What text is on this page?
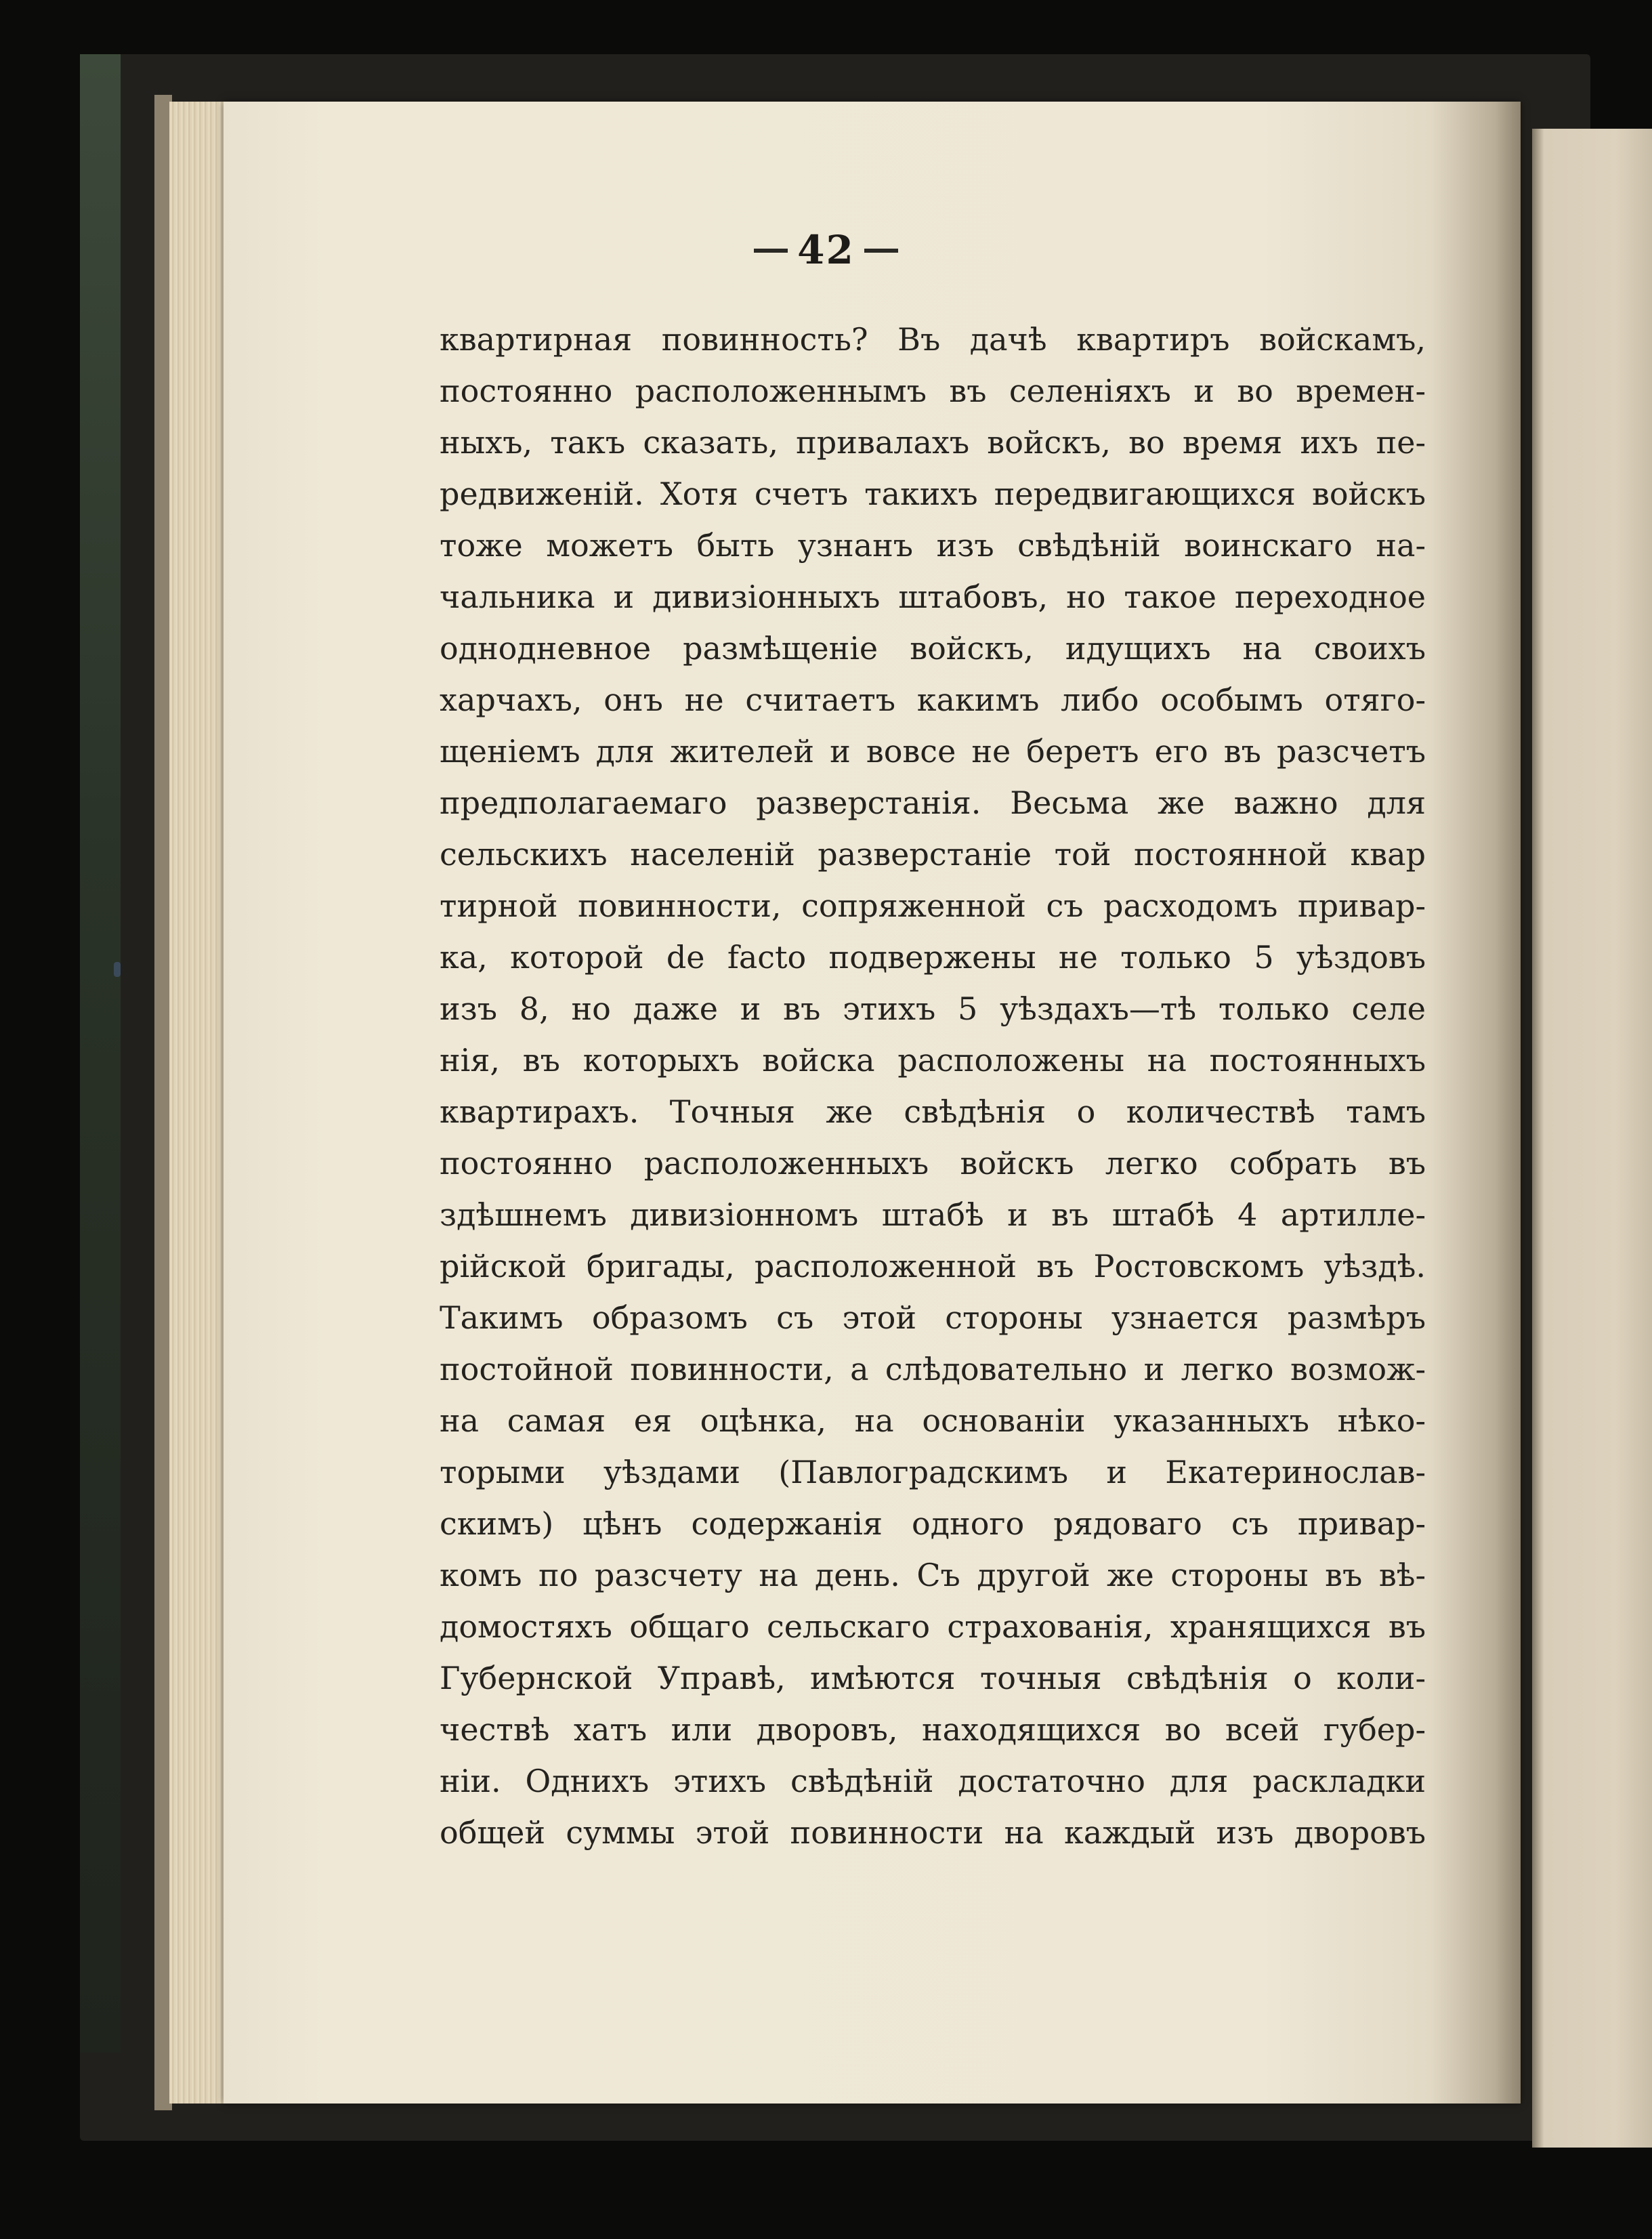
42
квартирная повинность? Въ дачѣ квартиръ войскамъ,
постоянно расположеннымъ въ селеніяхъ и во времен-
ныхъ, такъ сказать, привалахъ войскъ, во время ихъ пе-
редвиженій. Хотя счетъ такихъ передвигающихся войскъ
тоже можетъ быть узнанъ изъ свѣдѣній воинскаго на-
чальника и дивизіонныхъ штабовъ, но такое переходное
однодневное размѣщеніе войскъ, идущихъ на своихъ
харчахъ, онъ не считаетъ какимъ либо особымъ отяго-
щеніемъ для жителей и вовсе не беретъ его въ разсчетъ
предполагаемаго разверстанія. Весьма же важно для
сельскихъ населеній разверстаніе той постоянной квар
тирной повинности, сопряженной съ расходомъ привар-
ка, которой de facto подвержены не только 5 уѣздовъ
изъ 8, но даже и въ этихъ 5 уѣздахъ—тѣ только селе
нія, въ которыхъ войска расположены на постоянныхъ
квартирахъ. Точныя же свѣдѣнія о количествѣ тамъ
постоянно расположенныхъ войскъ легко собрать въ
здѣшнемъ дивизіонномъ штабѣ и въ штабѣ 4 артилле-
рійской бригады, расположенной въ Ростовскомъ уѣздѣ.
Такимъ образомъ съ этой стороны узнается размѣръ
постойной повинности, а слѣдовательно и легко возмож-
на самая ея оцѣнка, на основаніи указанныхъ нѣко-
торыми уѣздами (Павлоградскимъ и Екатеринослав-
скимъ) цѣнъ содержанія одного рядоваго съ привар-
комъ по разсчету на день. Съ другой же стороны въ вѣ-
домостяхъ общаго сельскаго страхованія, хранящихся въ
Губернской Управѣ, имѣются точныя свѣдѣнія о коли-
чествѣ хатъ или дворовъ, находящихся во всей губер-
ніи. Однихъ этихъ свѣдѣній достаточно для раскладки
общей суммы этой повинности на каждый изъ дворовъ
